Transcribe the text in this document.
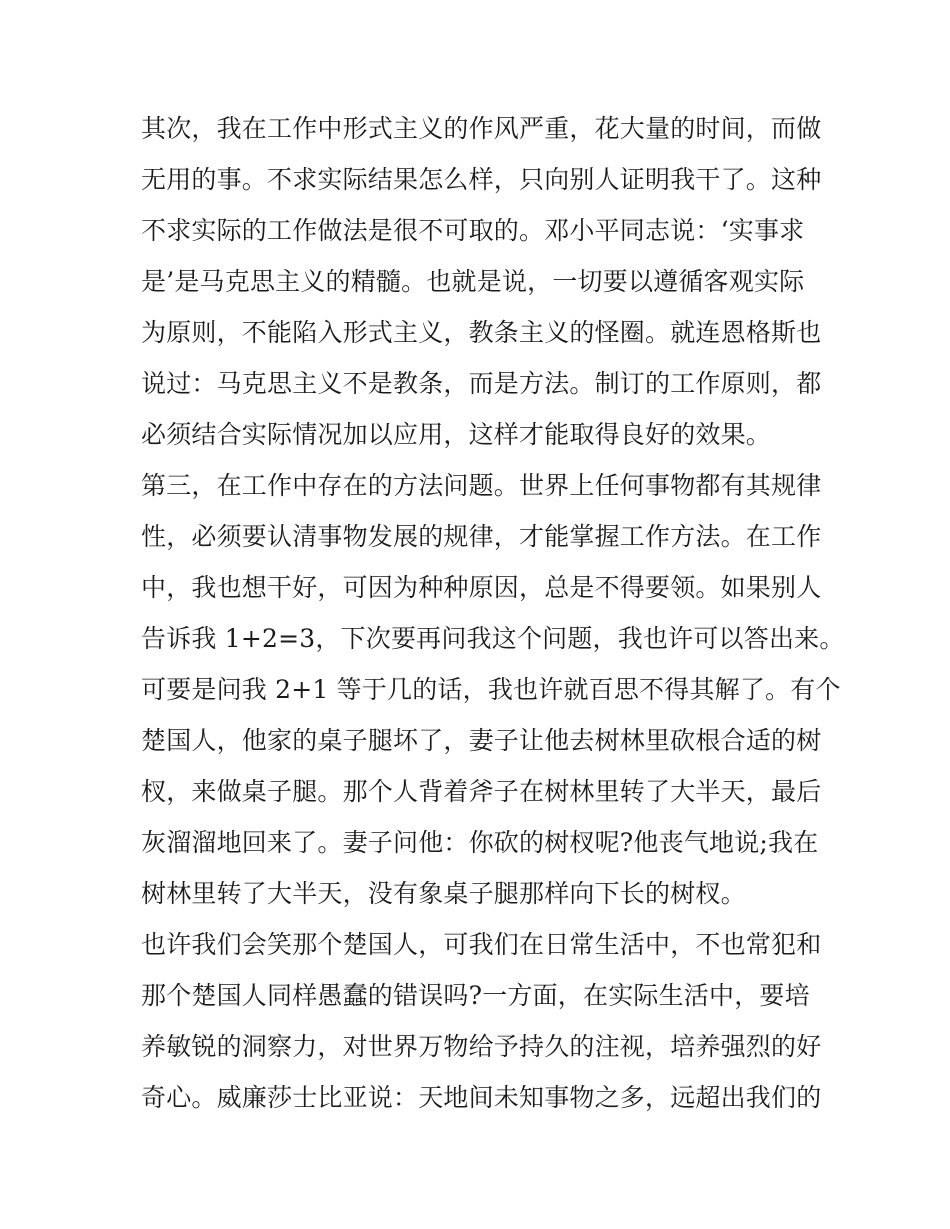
其次，我在工作中形式主义的作风严重，花大量的时间，而做
无用的事。不求实际结果怎么样，只向别人证明我干了。这种
不求实际的工作做法是很不可取的。邓小平同志说：‘实事求
是’是马克思主义的精髓。也就是说，一切要以遵循客观实际
为原则，不能陷入形式主义，教条主义的怪圈。就连恩格斯也
说过：马克思主义不是教条，而是方法。制订的工作原则，都
必须结合实际情况加以应用，这样才能取得良好的效果。
第三，在工作中存在的方法问题。世界上任何事物都有其规律
性，必须要认清事物发展的规律，才能掌握工作方法。在工作
中，我也想干好，可因为种种原因，总是不得要领。如果别人
告诉我 1+2=3，下次要再问我这个问题，我也许可以答出来。
可要是问我 2+1 等于几的话，我也许就百思不得其解了。有个
楚国人，他家的桌子腿坏了，妻子让他去树林里砍根合适的树
杈，来做桌子腿。那个人背着斧子在树林里转了大半天，最后
灰溜溜地回来了。妻子问他：你砍的树杈呢?他丧气地说;我在
树林里转了大半天，没有象桌子腿那样向下长的树杈。
也许我们会笑那个楚国人，可我们在日常生活中，不也常犯和
那个楚国人同样愚蠢的错误吗?一方面，在实际生活中，要培
养敏锐的洞察力，对世界万物给予持久的注视，培养强烈的好
奇心。威廉莎士比亚说：天地间未知事物之多，远超出我们的
